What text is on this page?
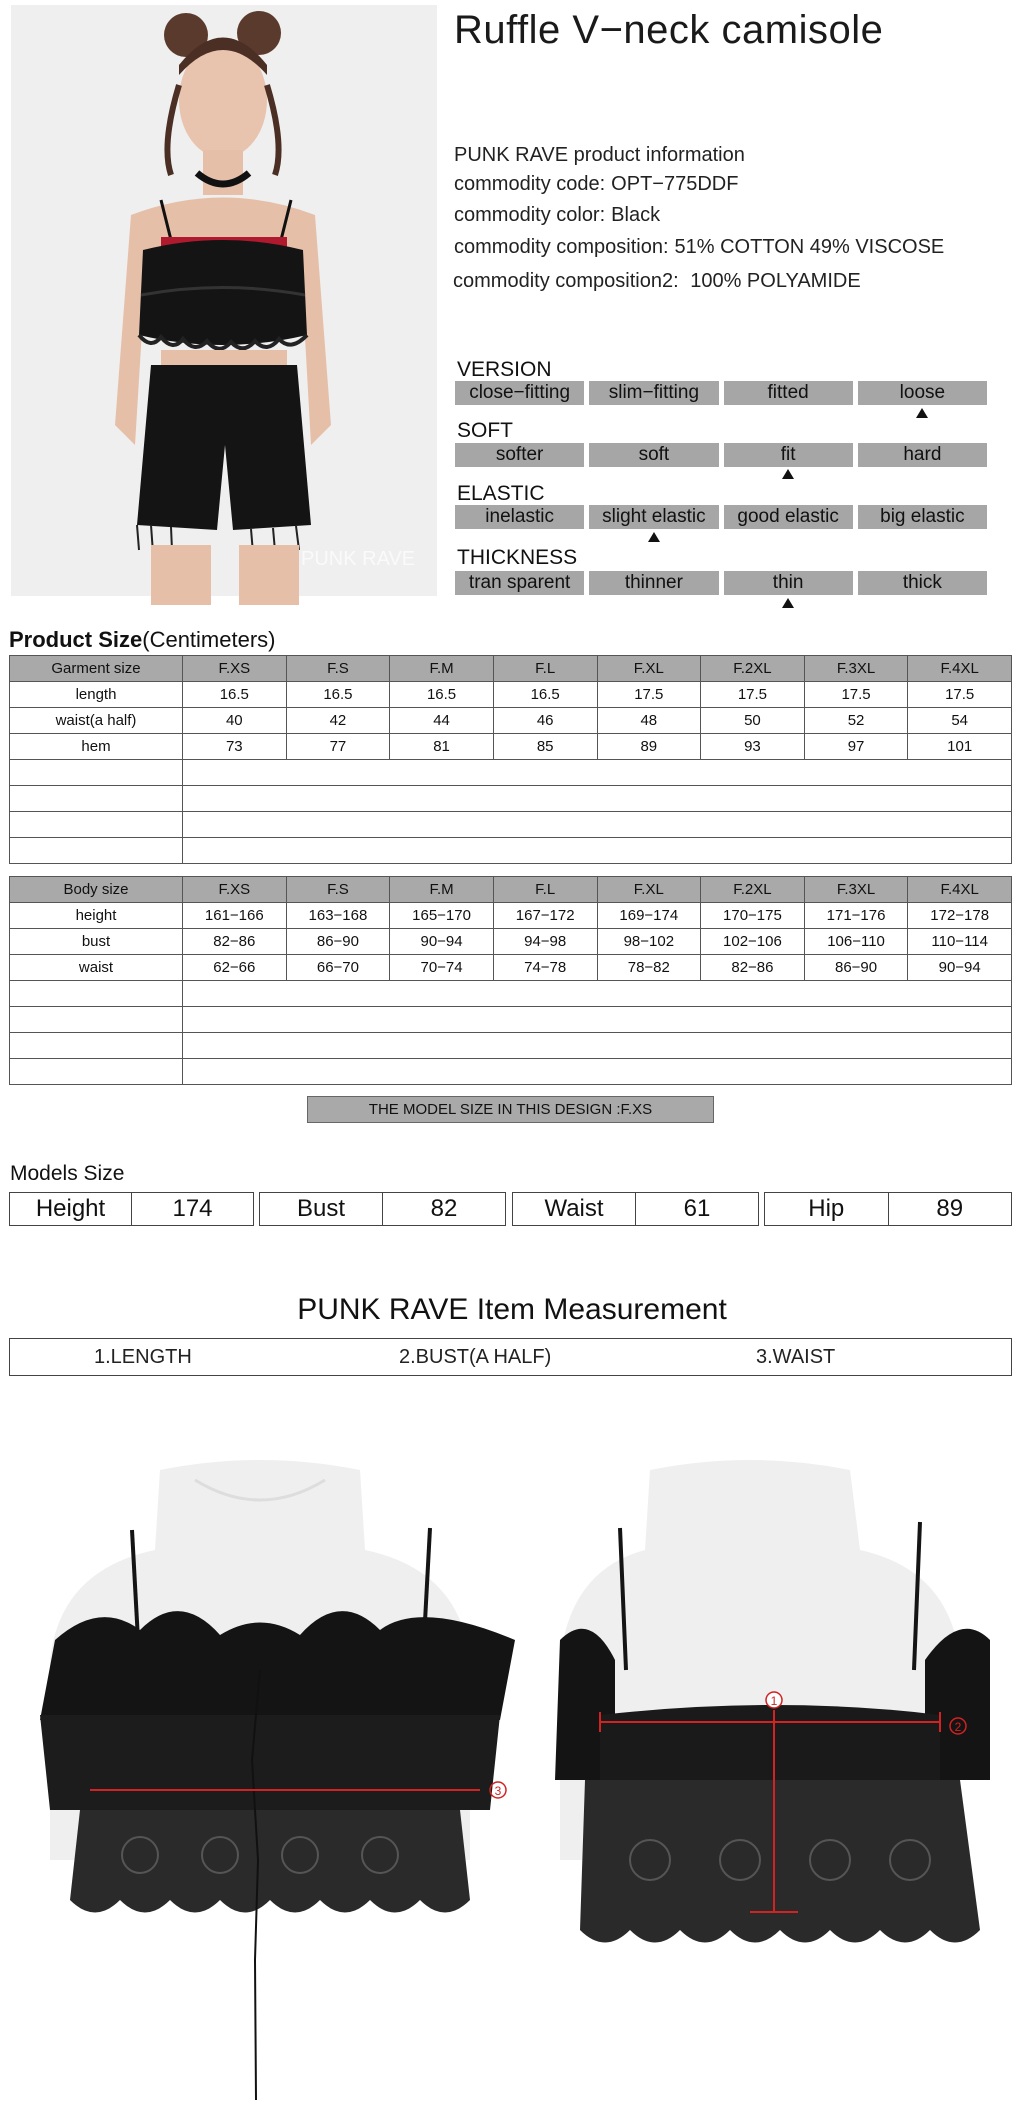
PUNK RAVE
Ruffle V−neck camisole
PUNK RAVE product information
commodity code: OPT−775DDF
commodity color: Black
commodity composition: 51% COTTON 49% VISCOSE
commodity composition2: 100% POLYAMIDE
VERSION
close−fitting	slim−fitting	fitted	loose
SOFT
softer	soft	fit	hard
ELASTIC
inelastic	slight elastic	good elastic	big elastic
THICKNESS
tran sparent	thinner	thin	thick
Product Size(Centimeters)
Garment size	F.XS	F.S	F.M	F.L	F.XL	F.2XL	F.3XL	F.4XL
length	16.5	16.5	16.5	16.5	17.5	17.5	17.5	17.5
waist(a half)	40	42	44	46	48	50	52	54
hem	73	77	81	85	89	93	97	101

Body size	F.XS	F.S	F.M	F.L	F.XL	F.2XL	F.3XL	F.4XL
height	161−166	163−168	165−170	167−172	169−174	170−175	171−176	172−178
bust	82−86	86−90	90−94	94−98	98−102	102−106	106−110	110−114
waist	62−66	66−70	70−74	74−78	78−82	82−86	86−90	90−94

THE MODEL SIZE IN THIS DESIGN :F.XS
Models Size
Height	174	Bust	82	Waist	61	Hip	89
PUNK RAVE Item Measurement
1.LENGTH	2.BUST(A HALF)	3.WAIST
3
1
2
